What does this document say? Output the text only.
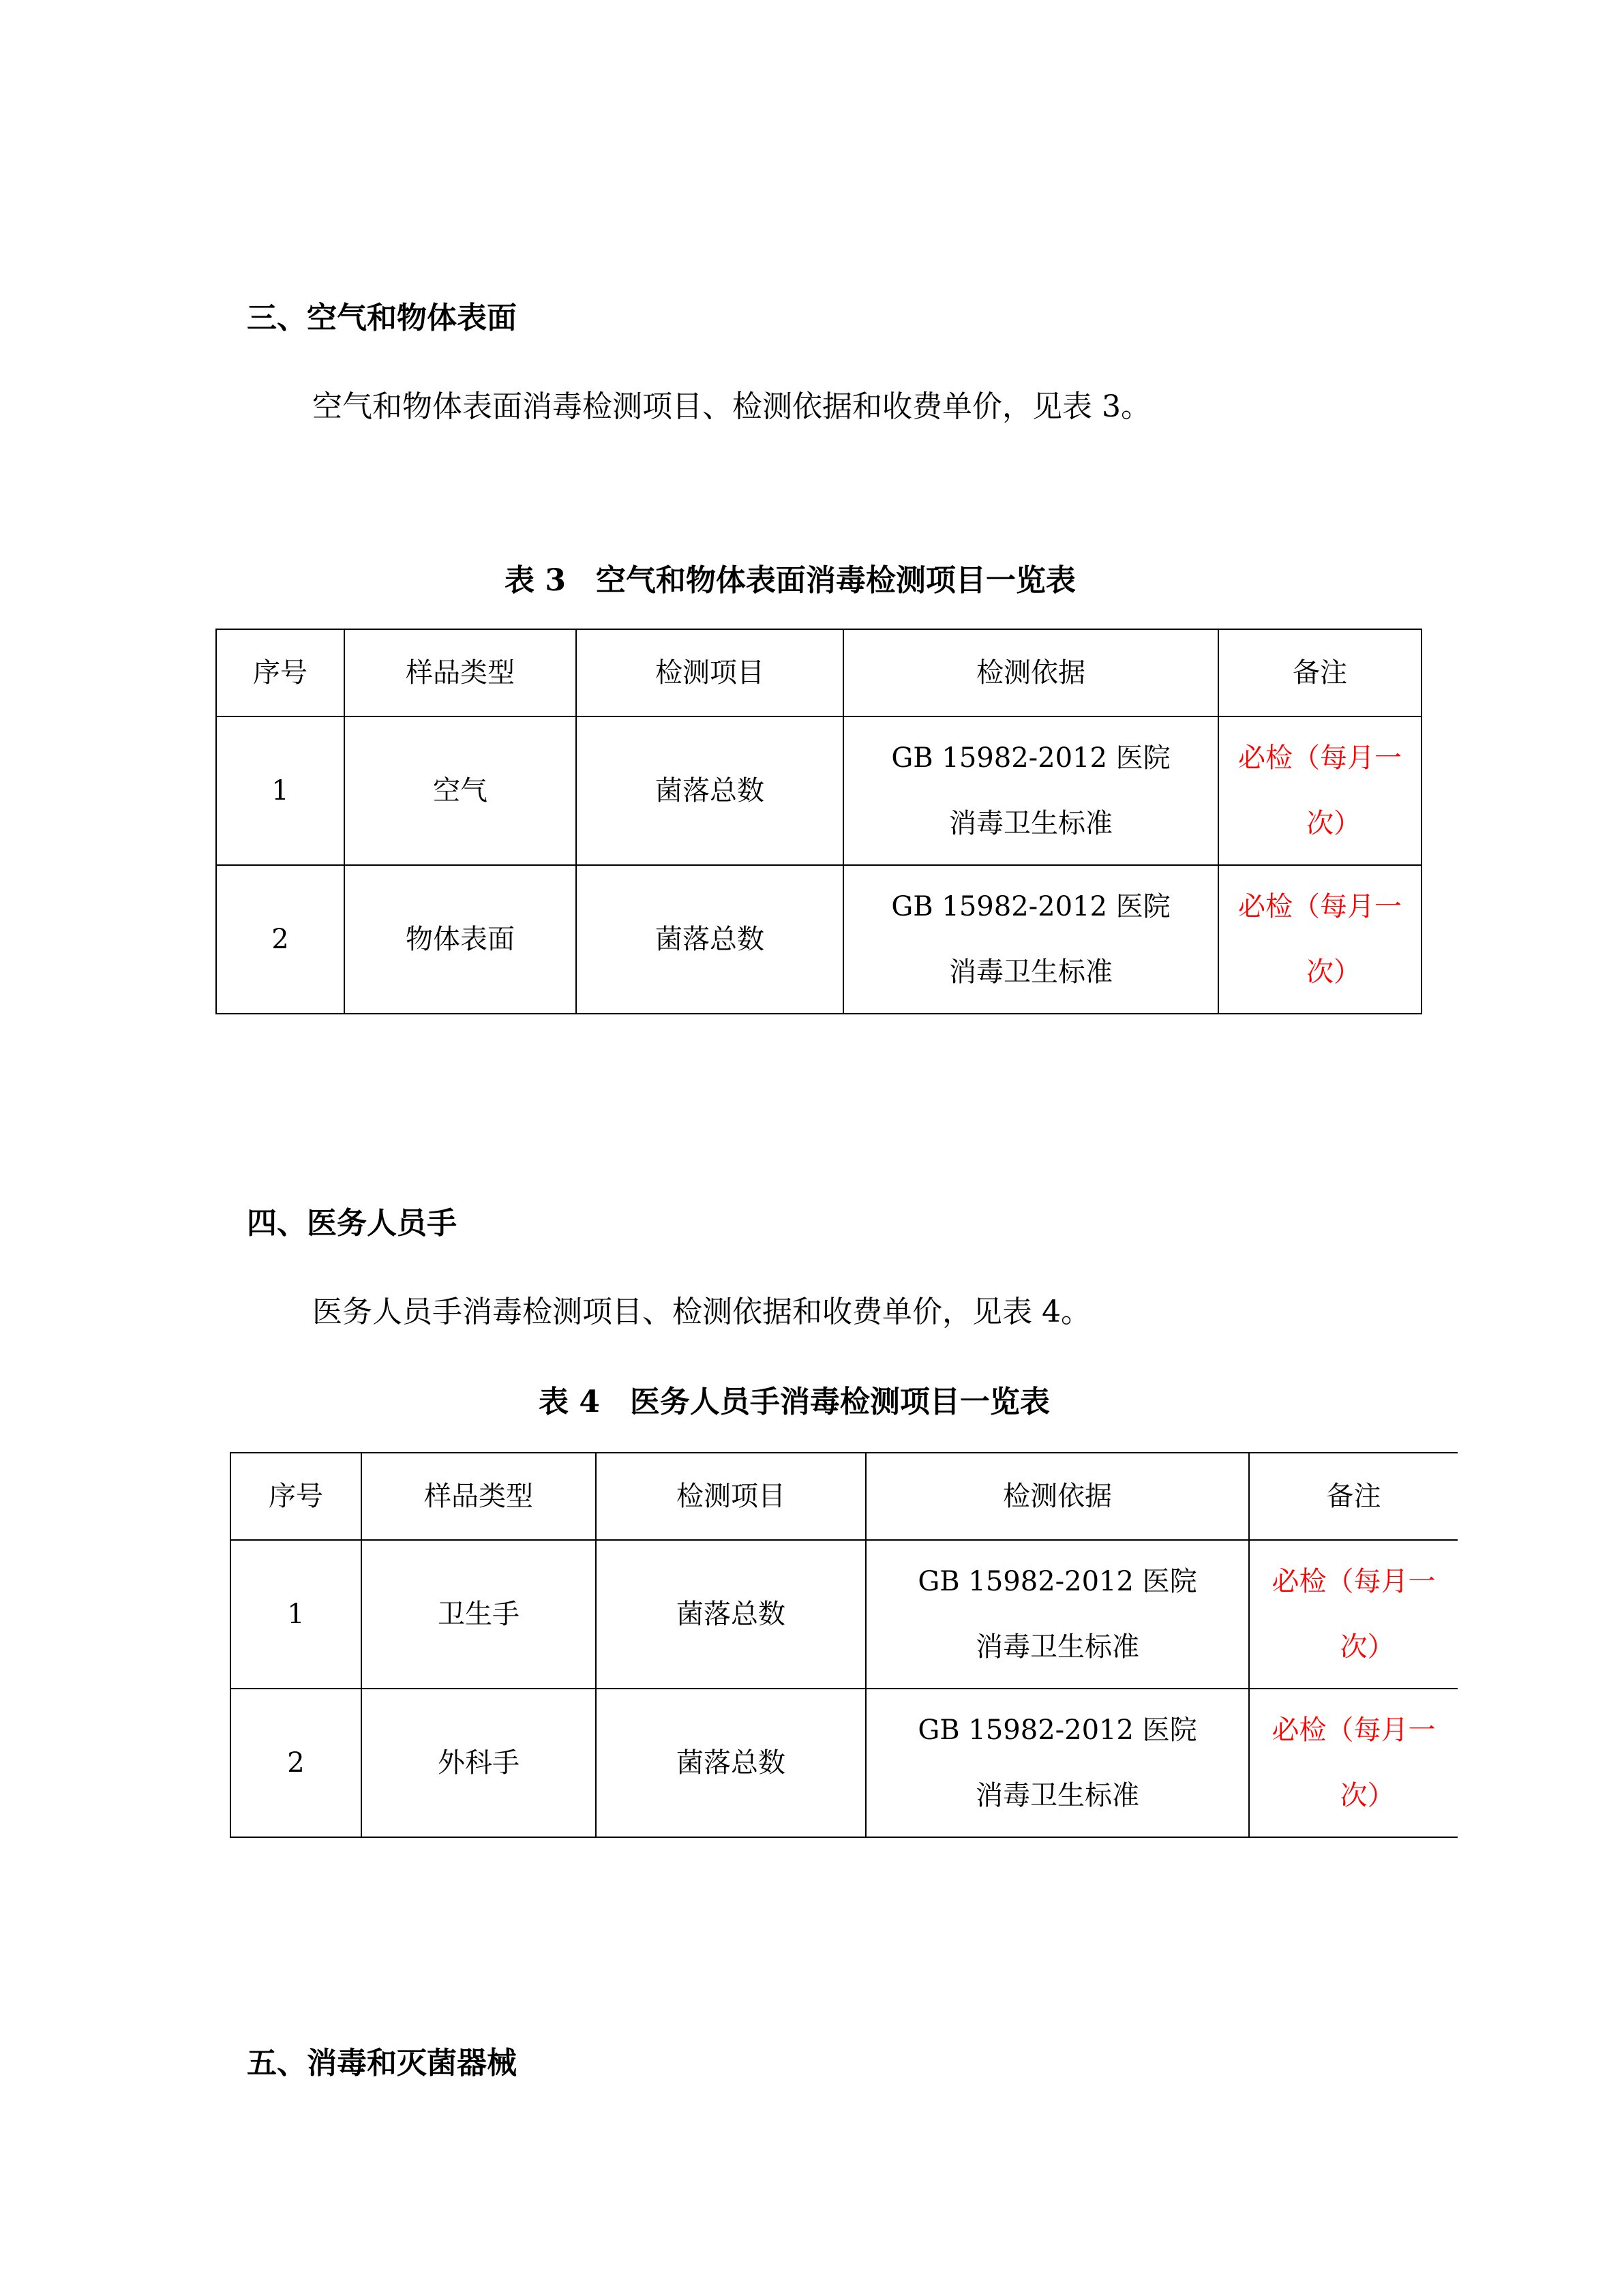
三、空气和物体表面
空气和物体表面消毒检测项目、检测依据和收费单价，见表 3。
表 3　空气和物体表面消毒检测项目一览表
序号	样品类型	检测项目	检测依据	备注
1	空气	菌落总数	GB 15982-2012 医院
消毒卫生标准	必检（每月一
次）

2	物体表面	菌落总数	GB 15982-2012 医院
消毒卫生标准	必检（每月一
次）
四、医务人员手
医务人员手消毒检测项目、检测依据和收费单价，见表 4。
表 4　医务人员手消毒检测项目一览表
序号	样品类型	检测项目	检测依据	备注
1	卫生手	菌落总数	GB 15982-2012 医院
消毒卫生标准	必检（每月一
次）

2	外科手	菌落总数	GB 15982-2012 医院
消毒卫生标准	必检（每月一
次）
五、消毒和灭菌器械
